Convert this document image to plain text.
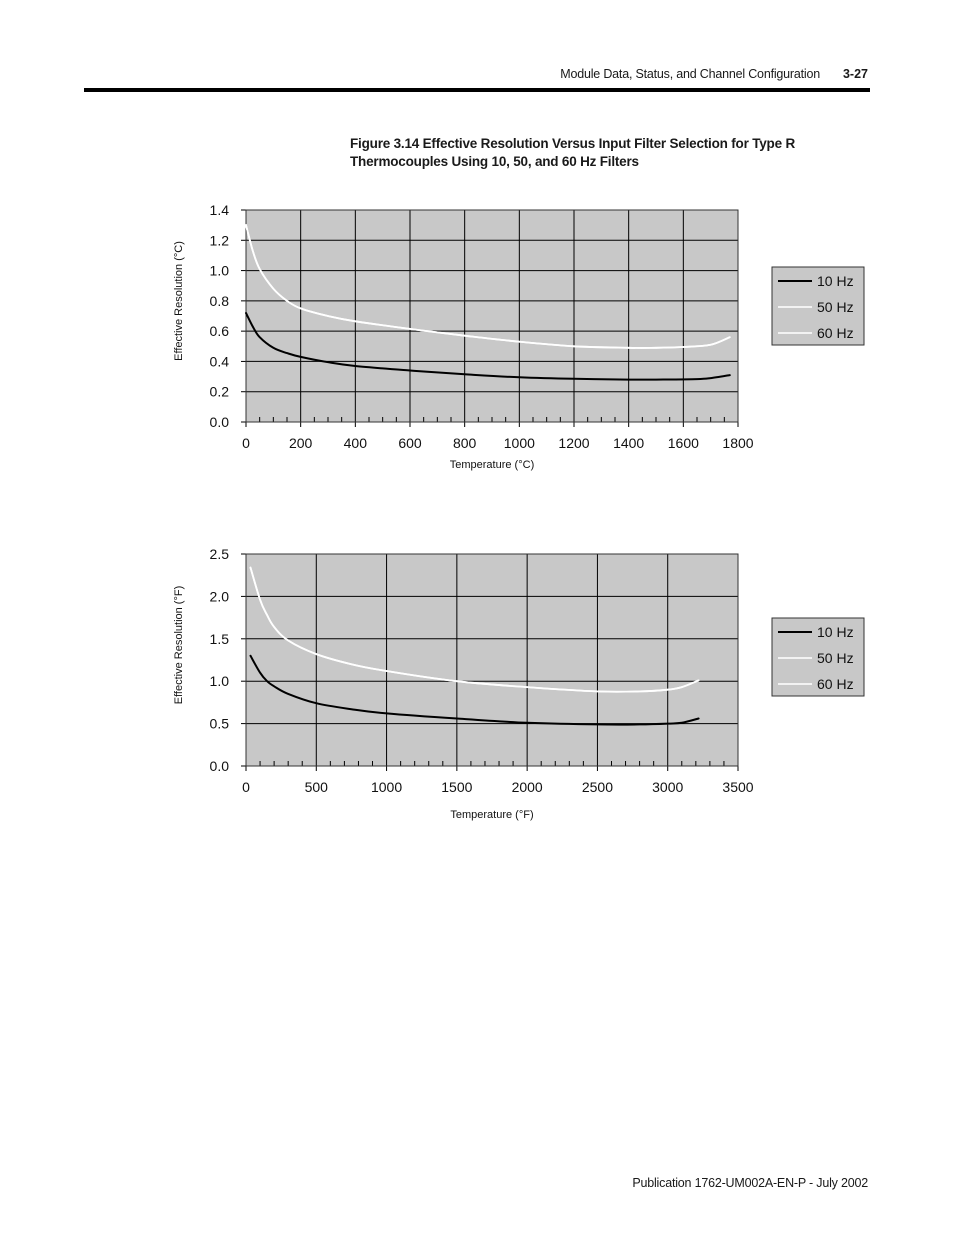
Module Data, Status, and Channel Configuration 3-27
Figure 3.14 Effective Resolution Versus Input Filter Selection for Type R
Thermocouples Using 10, 50, and 60 Hz Filters
0	200 400 600 800 1000 1200 1400 1600 1800
0.0
0.2
0.4
0.6
0.8
1.0
1.2
1.4
Temperature (°C)
Effective Resolution (°C)	10 Hz
50 Hz
60 Hz
0	500	1000	1500	2000	2500	3000	3500
0.0
0.5
1.0
1.5
2.0
2.5
Temperature (°F)
Effective Resolution (°F)	10 Hz
50 Hz
60 Hz
Publication 1762-UM002A-EN-P - July 2002
